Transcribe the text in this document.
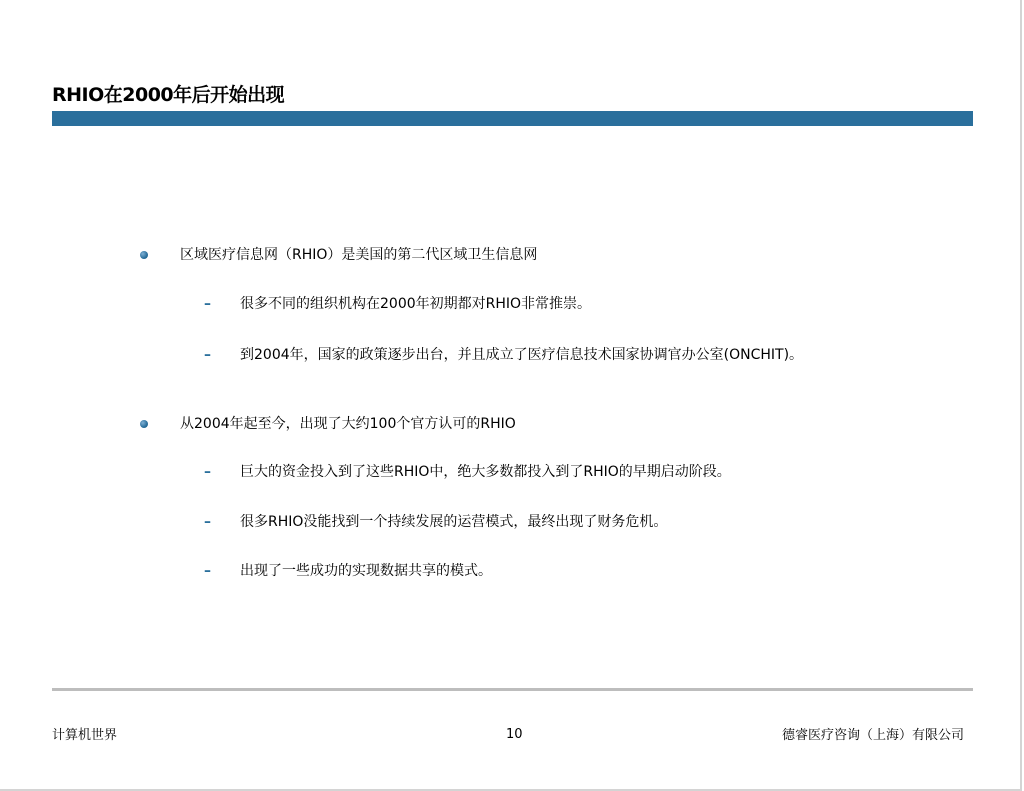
RHIO在2000年后开始出现
区域医疗信息网（RHIO）是美国的第二代区域卫生信息网
– 很多不同的组织机构在2000年初期都对RHIO非常推崇。
– 到2004年，国家的政策逐步出台，并且成立了医疗信息技术国家协调官办公室(ONCHIT)。
从2004年起至今，出现了大约100个官方认可的RHIO
– 巨大的资金投入到了这些RHIO中，绝大多数都投入到了RHIO的早期启动阶段。
– 很多RHIO没能找到一个持续发展的运营模式，最终出现了财务危机。
– 出现了一些成功的实现数据共享的模式。
计算机世界	10	德睿医疗咨询（上海）有限公司
